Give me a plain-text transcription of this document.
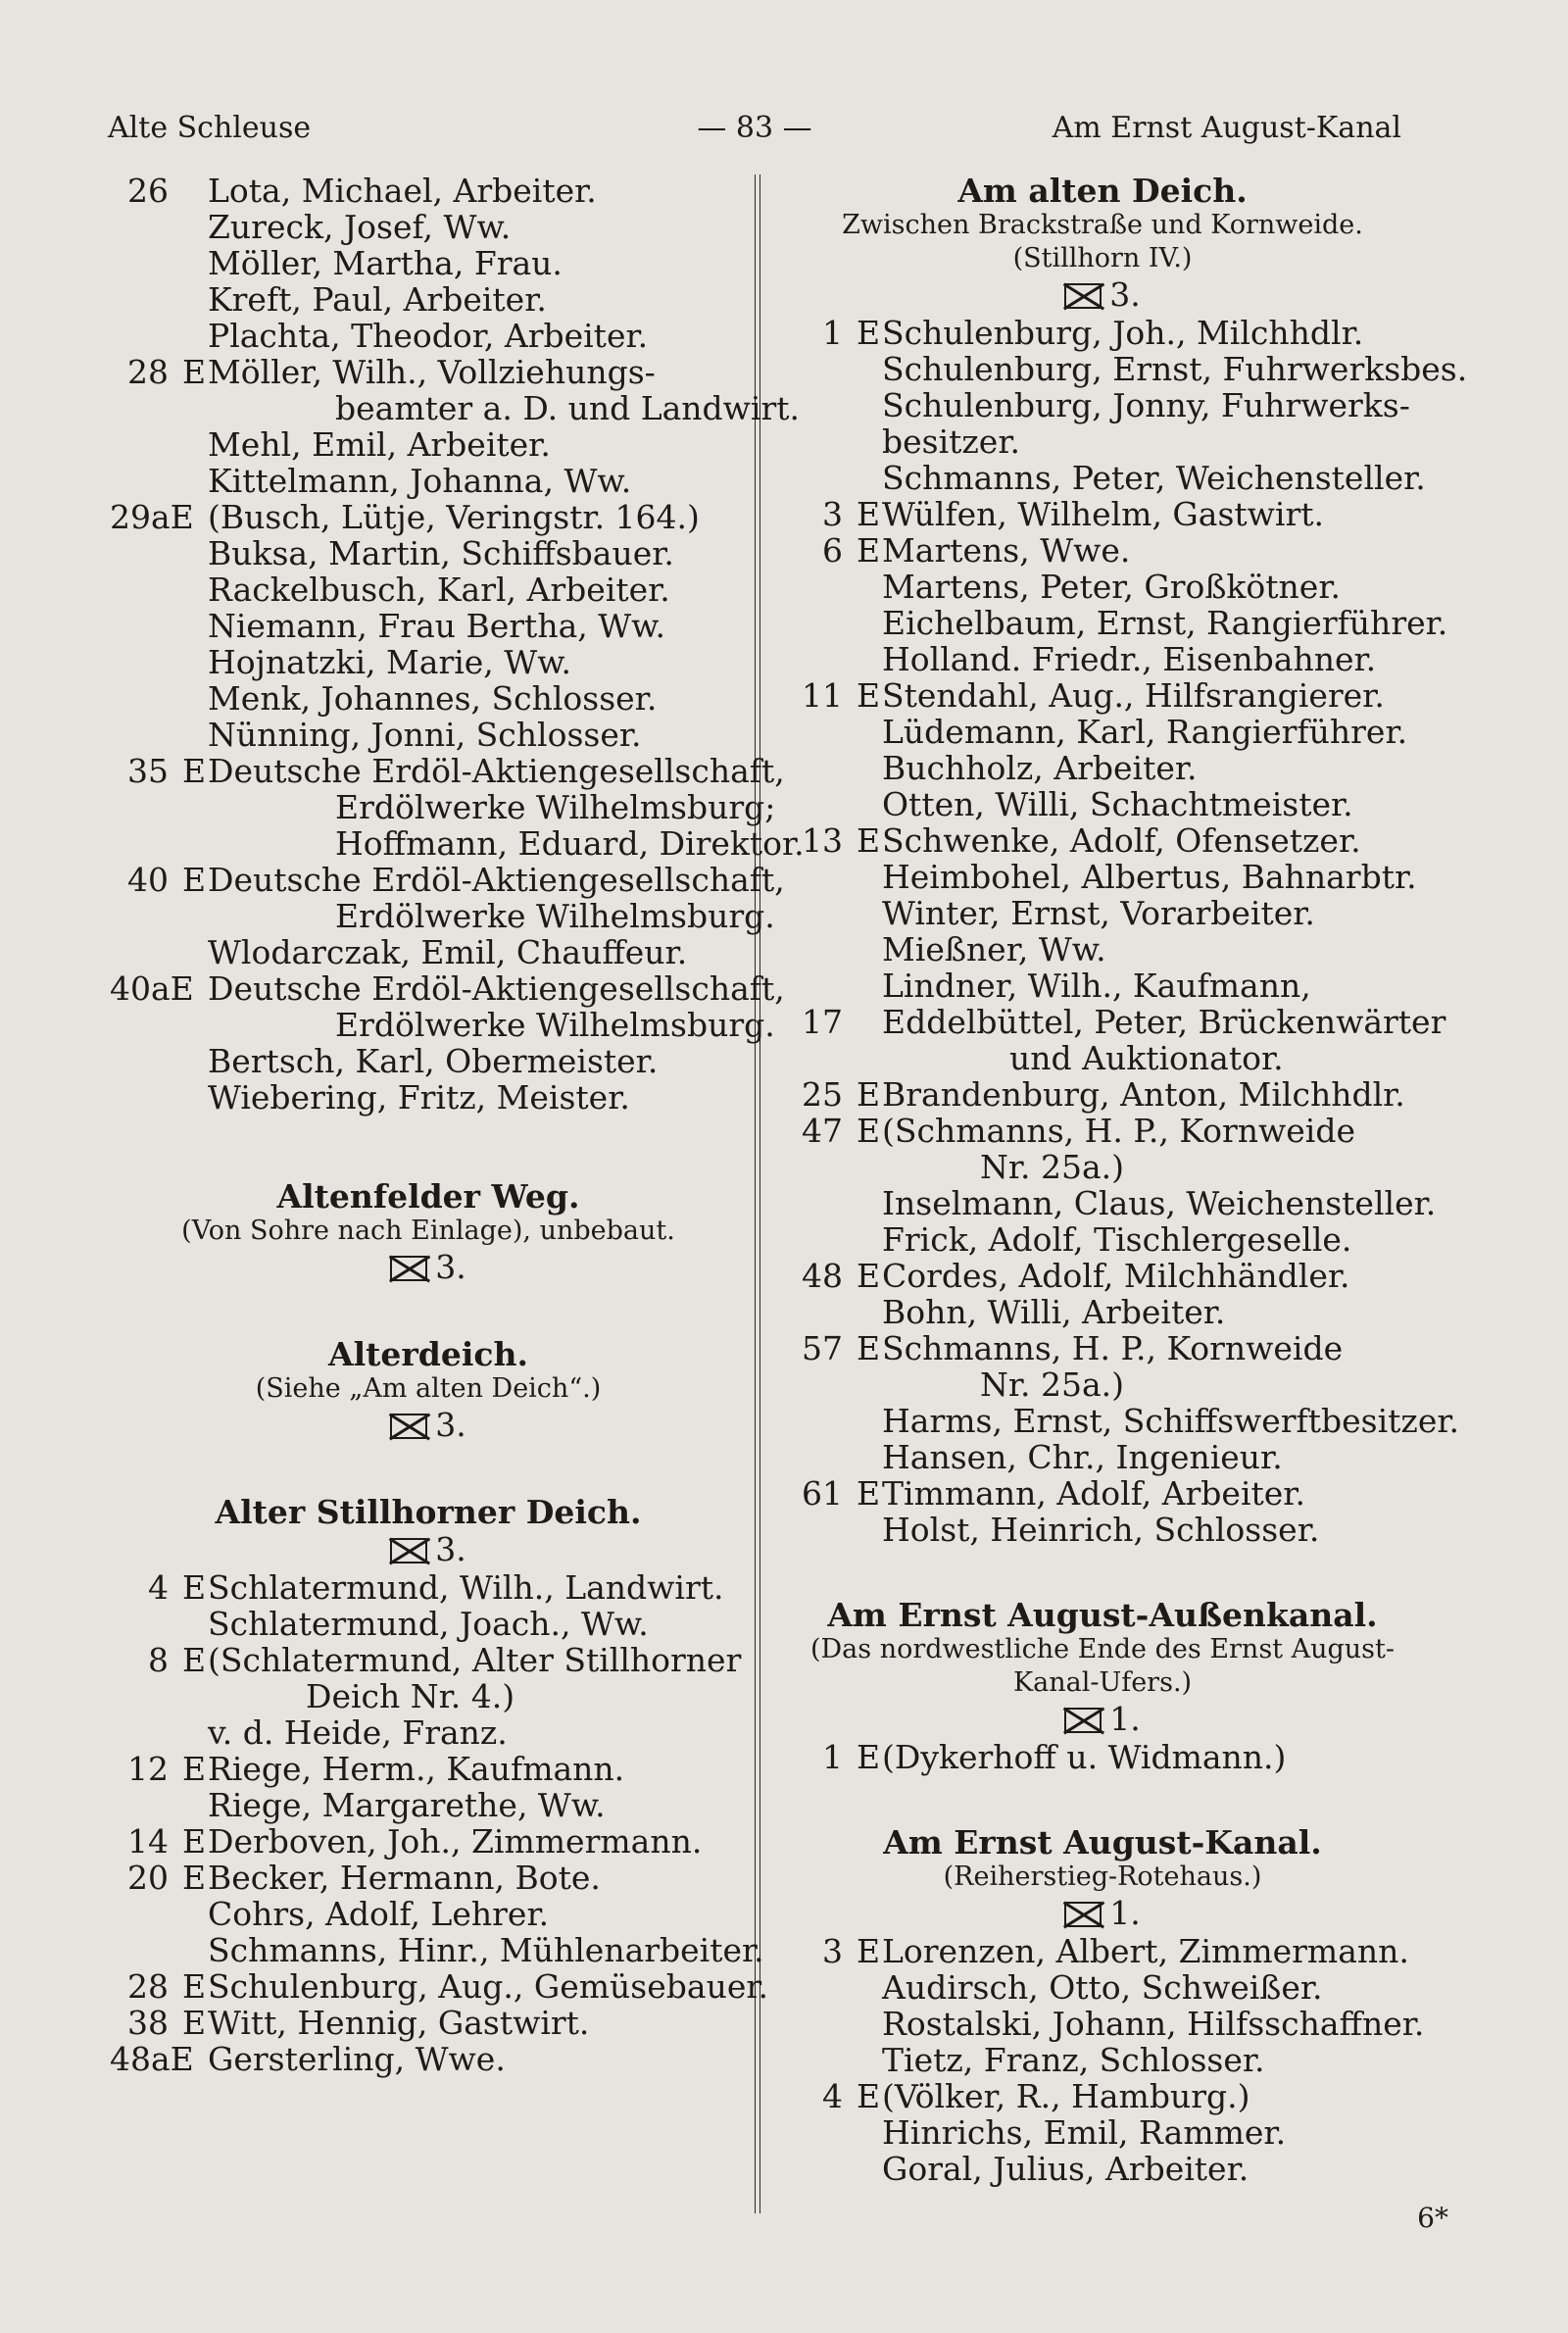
Alte Schleuse	— 83 —	Am Ernst August-Kanal
26 Lota, Michael, Arbeiter.
Zureck, Josef, Ww.
Möller, Martha, Frau.
Kreft, Paul, Arbeiter.
Plachta, Theodor, Arbeiter.
28 E Möller, Wilh., Vollziehungs-
beamter a. D. und Landwirt.
Mehl, Emil, Arbeiter.
Kittelmann, Johanna, Ww.
29aE (Busch, Lütje, Veringstr. 164.)
Buksa, Martin, Schiffsbauer.
Rackelbusch, Karl, Arbeiter.
Niemann, Frau Bertha, Ww.
Hojnatzki, Marie, Ww.
Menk, Johannes, Schlosser.
Nünning, Jonni, Schlosser.
35 E Deutsche Erdöl-Aktiengesellschaft,
Erdölwerke Wilhelmsburg;
Hoffmann, Eduard, Direktor.
40 E Deutsche Erdöl-Aktiengesellschaft,
Erdölwerke Wilhelmsburg.
Wlodarczak, Emil, Chauffeur.
40aE Deutsche Erdöl-Aktiengesellschaft,
Erdölwerke Wilhelmsburg.
Bertsch, Karl, Obermeister.
Wiebering, Fritz, Meister.
Altenfelder Weg.
(Von Sohre nach Einlage), unbebaut.
3.
Alterdeich.
(Siehe „Am alten Deich“.)
3.
Alter Stillhorner Deich.
3.
4 E Schlatermund, Wilh., Landwirt.
Schlatermund, Joach., Ww.
8 E (Schlatermund, Alter Stillhorner
Deich Nr. 4.)
v. d. Heide, Franz.
12 E Riege, Herm., Kaufmann.
Riege, Margarethe, Ww.
14 E Derboven, Joh., Zimmermann.
20 E Becker, Hermann, Bote.
Cohrs, Adolf, Lehrer.
Schmanns, Hinr., Mühlenarbeiter.
28 E Schulenburg, Aug., Gemüsebauer.
38 E Witt, Hennig, Gastwirt.
48aE Gersterling, Wwe.
Am alten Deich.
Zwischen Brackstraße und Kornweide.
(Stillhorn IV.)
3.
1 E Schulenburg, Joh., Milchhdlr.
Schulenburg, Ernst, Fuhrwerksbes.
Schulenburg, Jonny, Fuhrwerks-
besitzer.
Schmanns, Peter, Weichensteller.
3 E Wülfen, Wilhelm, Gastwirt.
6 E Martens, Wwe.
Martens, Peter, Großkötner.
Eichelbaum, Ernst, Rangierführer.
Holland. Friedr., Eisenbahner.
11 E Stendahl, Aug., Hilfsrangierer.
Lüdemann, Karl, Rangierführer.
Buchholz, Arbeiter.
Otten, Willi, Schachtmeister.
13 E Schwenke, Adolf, Ofensetzer.
Heimbohel, Albertus, Bahnarbtr.
Winter, Ernst, Vorarbeiter.
Mießner, Ww.
Lindner, Wilh., Kaufmann,
17 Eddelbüttel, Peter, Brückenwärter
und Auktionator.
25 E Brandenburg, Anton, Milchhdlr.
47 E (Schmanns, H. P., Kornweide
Nr. 25a.)
Inselmann, Claus, Weichensteller.
Frick, Adolf, Tischlergeselle.
48 E Cordes, Adolf, Milchhändler.
Bohn, Willi, Arbeiter.
57 E Schmanns, H. P., Kornweide
Nr. 25a.)
Harms, Ernst, Schiffswerftbesitzer.
Hansen, Chr., Ingenieur.
61 E Timmann, Adolf, Arbeiter.
Holst, Heinrich, Schlosser.
Am Ernst August-Außenkanal.
(Das nordwestliche Ende des Ernst August-
Kanal-Ufers.)
1.
1 E (Dykerhoff u. Widmann.)
Am Ernst August-Kanal.
(Reiherstieg-Rotehaus.)
1.
3 E Lorenzen, Albert, Zimmermann.
Audirsch, Otto, Schweißer.
Rostalski, Johann, Hilfsschaffner.
Tietz, Franz, Schlosser.
4 E (Völker, R., Hamburg.)
Hinrichs, Emil, Rammer.
Goral, Julius, Arbeiter.
6*
